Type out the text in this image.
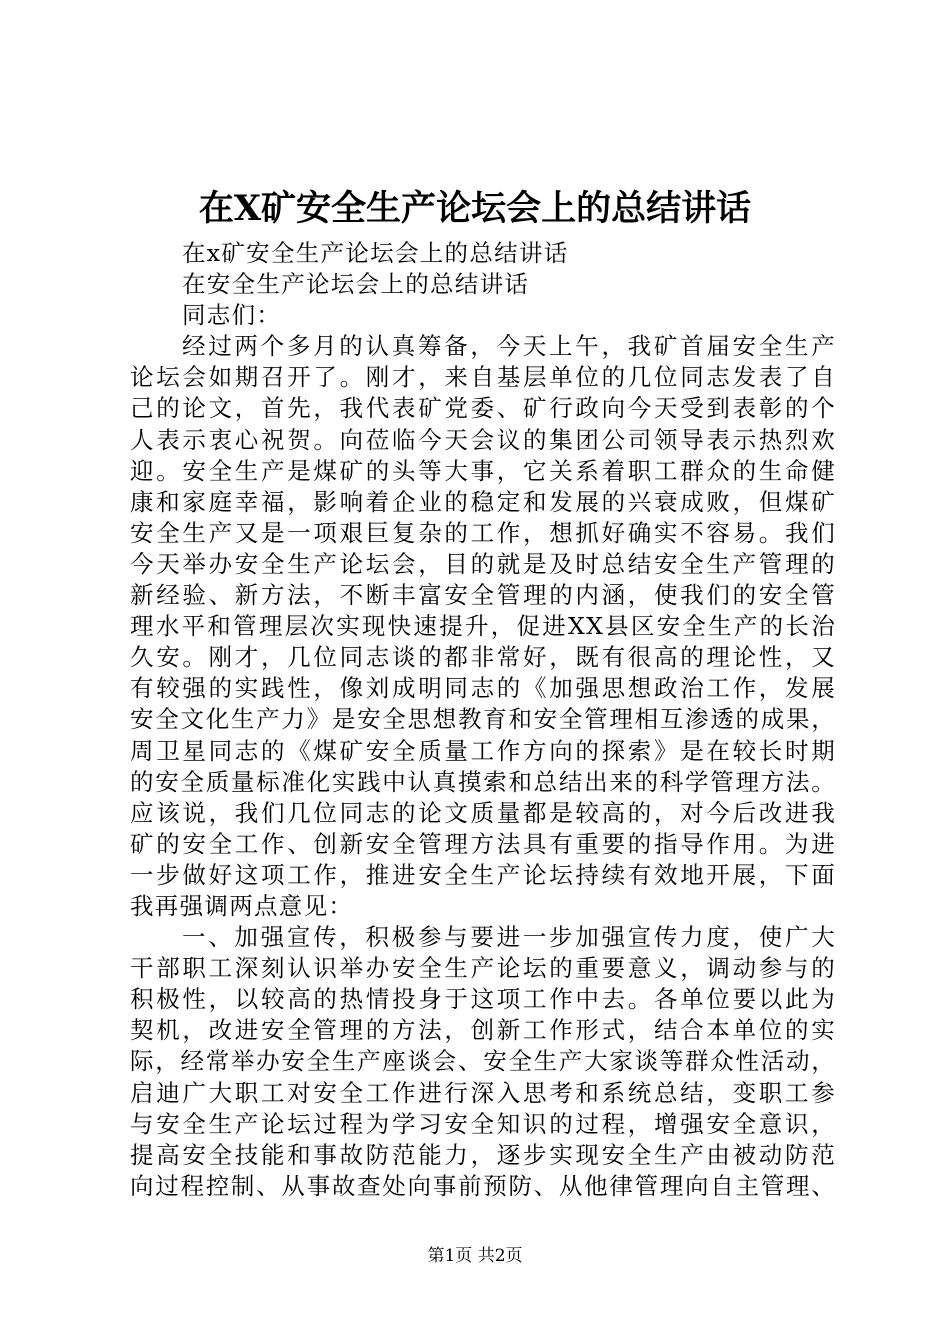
在X矿安全生产论坛会上的总结讲话

在x矿安全生产论坛会上的总结讲话

在安全生产论坛会上的总结讲话

同志们：

经过两个多月的认真筹备，今天上午，我矿首届安全生产

论坛会如期召开了。刚才，来自基层单位的几位同志发表了自

己的论文，首先，我代表矿党委、矿行政向今天受到表彰的个

人表示衷心祝贺。向莅临今天会议的集团公司领导表示热烈欢

迎。安全生产是煤矿的头等大事，它关系着职工群众的生命健

康和家庭幸福，影响着企业的稳定和发展的兴衰成败，但煤矿

安全生产又是一项艰巨复杂的工作，想抓好确实不容易。我们

今天举办安全生产论坛会，目的就是及时总结安全生产管理的

新经验、新方法，不断丰富安全管理的内涵，使我们的安全管

理水平和管理层次实现快速提升，促进XX县区安全生产的长治

久安。刚才，几位同志谈的都非常好，既有很高的理论性，又

有较强的实践性，像刘成明同志的《加强思想政治工作，发展

安全文化生产力》是安全思想教育和安全管理相互渗透的成果，

周卫星同志的《煤矿安全质量工作方向的探索》是在较长时期

的安全质量标准化实践中认真摸索和总结出来的科学管理方法。

应该说，我们几位同志的论文质量都是较高的，对今后改进我

矿的安全工作、创新安全管理方法具有重要的指导作用。为进

一步做好这项工作，推进安全生产论坛持续有效地开展，下面

我再强调两点意见：

一、加强宣传，积极参与要进一步加强宣传力度，使广大

干部职工深刻认识举办安全生产论坛的重要意义，调动参与的

积极性，以较高的热情投身于这项工作中去。各单位要以此为

契机，改进安全管理的方法，创新工作形式，结合本单位的实

际，经常举办安全生产座谈会、安全生产大家谈等群众性活动，

启迪广大职工对安全工作进行深入思考和系统总结，变职工参

与安全生产论坛过程为学习安全知识的过程，增强安全意识，

提高安全技能和事故防范能力，逐步实现安全生产由被动防范

向过程控制、从事故查处向事前预防、从他律管理向自主管理、

第1页 共2页
